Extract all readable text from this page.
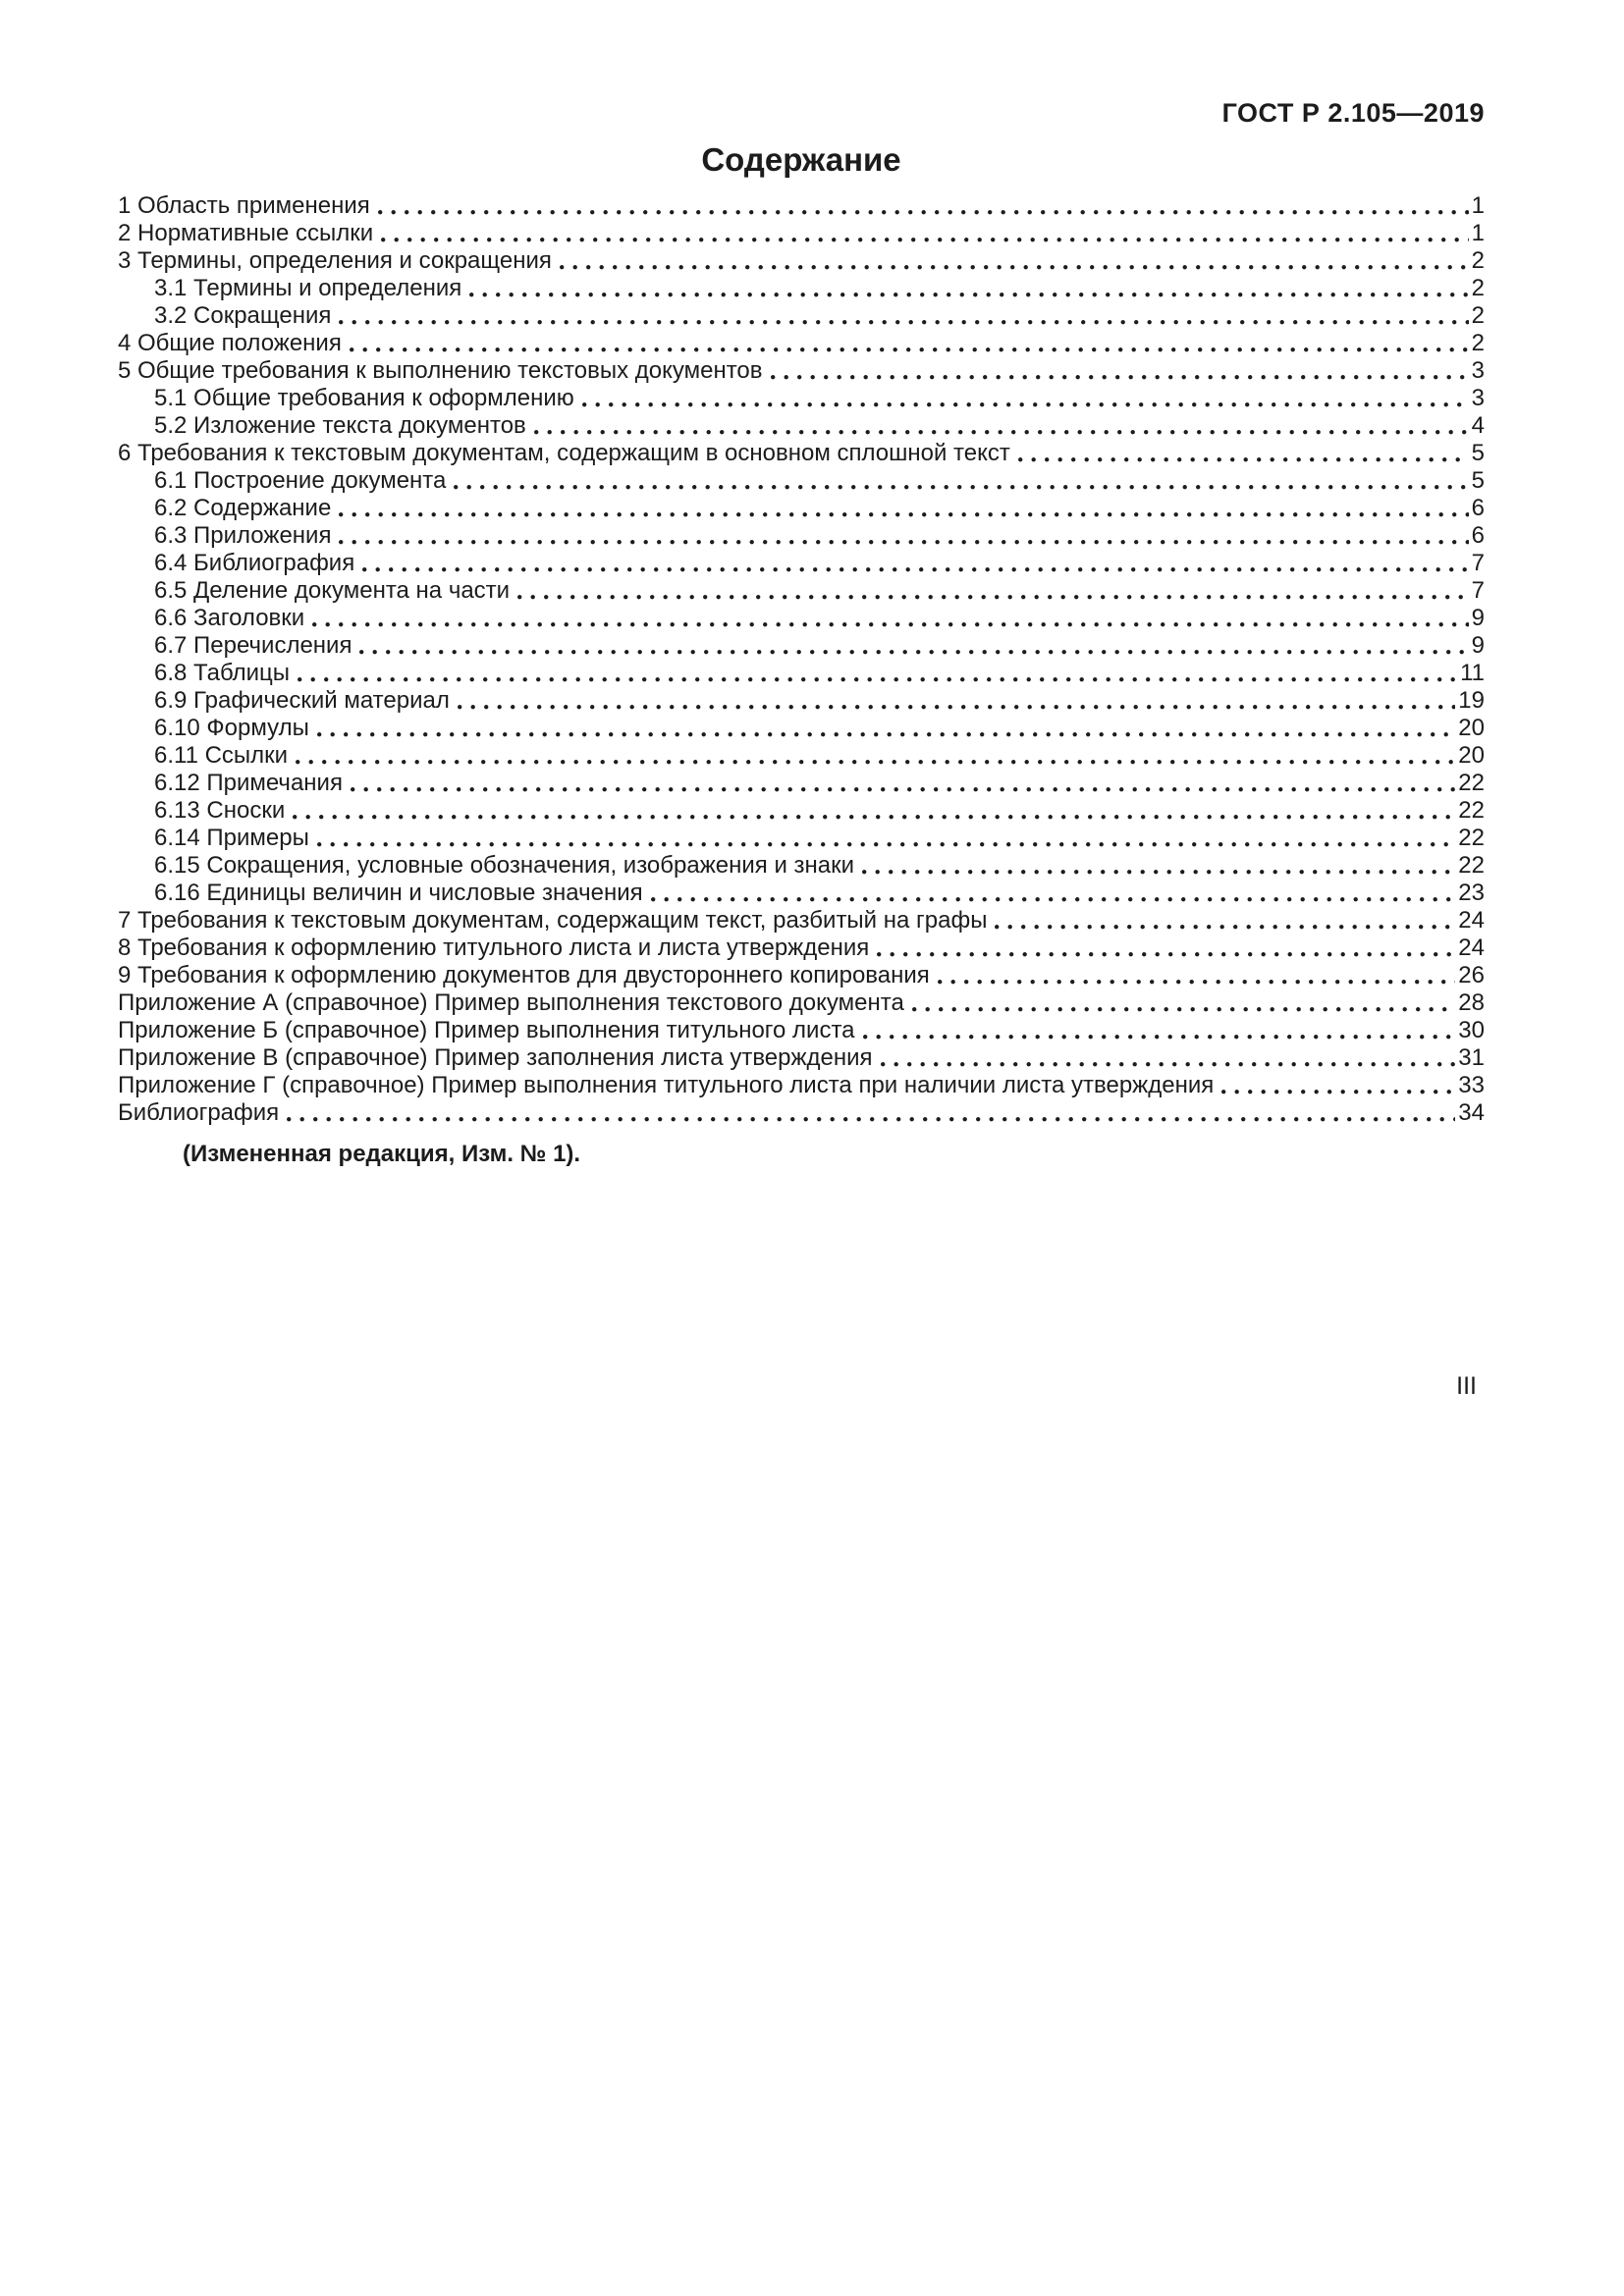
ГОСТ Р 2.105—2019
Содержание
1 Область применения	1
2 Нормативные ссылки	1
3 Термины, определения и сокращения	2
3.1 Термины и определения	2
3.2 Сокращения	2
4 Общие положения	2
5 Общие требования к выполнению текстовых документов	3
5.1 Общие требования к оформлению	3
5.2 Изложение текста документов	4
6 Требования к текстовым документам, содержащим в основном сплошной текст	5
6.1 Построение документа	5
6.2 Содержание	6
6.3 Приложения	6
6.4 Библиография	7
6.5 Деление документа на части	7
6.6 Заголовки	9
6.7 Перечисления	9
6.8 Таблицы	11
6.9 Графический материал	19
6.10 Формулы	20
6.11 Ссылки	20
6.12 Примечания	22
6.13 Сноски	22
6.14 Примеры	22
6.15 Сокращения, условные обозначения, изображения и знаки	22
6.16 Единицы величин и числовые значения	23
7 Требования к текстовым документам, содержащим текст, разбитый на графы	24
8 Требования к оформлению титульного листа и листа утверждения	24
9 Требования к оформлению документов для двустороннего копирования	26
Приложение А (справочное) Пример выполнения текстового документа	28
Приложение Б (справочное) Пример выполнения титульного листа	30
Приложение В (справочное) Пример заполнения листа утверждения	31
Приложение Г (справочное) Пример выполнения титульного листа при наличии листа утверждения	33
Библиография	34
(Измененная редакция, Изм. № 1).
III
